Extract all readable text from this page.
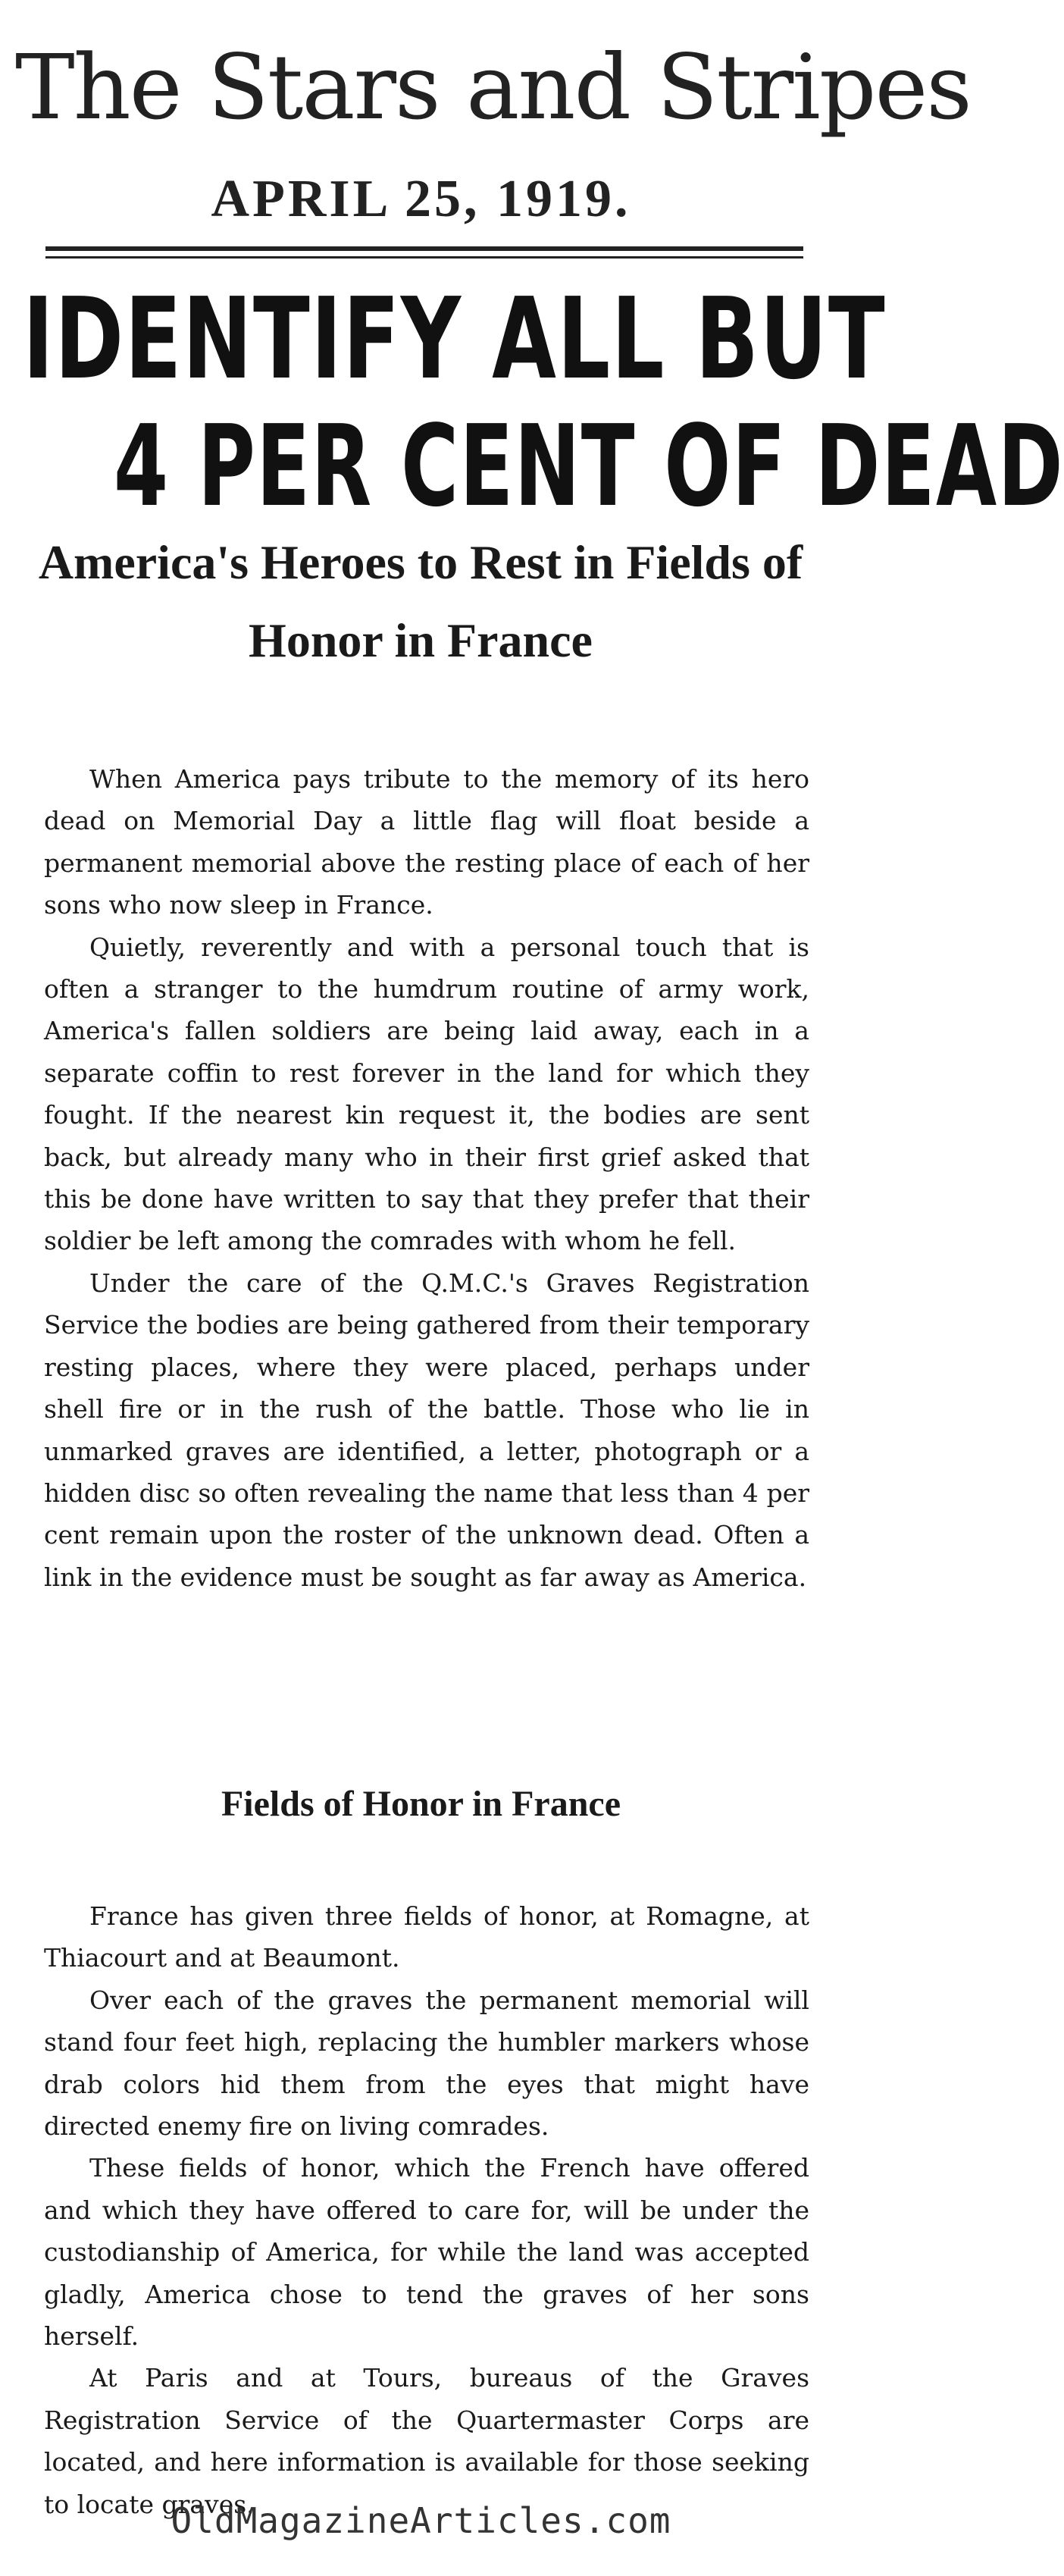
The Stars and Stripes
APRIL 25, 1919.
IDENTIFY ALL BUT
4 PER CENT OF DEAD
America's Heroes to Rest in Fields of Honor in France

When America pays tribute to the memory of its hero dead on Memorial Day a little flag will float beside a permanent memorial above the resting place of each of her sons who now sleep in France.

Quietly, reverently and with a personal touch that is often a stranger to the humdrum routine of army work, America's fallen soldiers are being laid away, each in a separate coffin to rest forever in the land for which they fought. If the nearest kin request it, the bodies are sent back, but already many who in their first grief asked that this be done have written to say that they prefer that their soldier be left among the comrades with whom he fell.

Under the care of the Q.M.C.'s Graves Registration Service the bodies are being gathered from their temporary resting places, where they were placed, perhaps under shell fire or in the rush of the battle. Those who lie in unmarked graves are identified, a letter, photograph or a hidden disc so often revealing the name that less than 4 per cent remain upon the roster of the unknown dead. Often a link in the evidence must be sought as far away as America.

Fields of Honor in France

France has given three fields of honor, at Romagne, at Thiacourt and at Beaumont.

Over each of the graves the permanent memorial will stand four feet high, replacing the humbler markers whose drab colors hid them from the eyes that might have directed enemy fire on living comrades.

These fields of honor, which the French have offered and which they have offered to care for, will be under the custodianship of America, for while the land was accepted gladly, America chose to tend the graves of her sons herself.

At Paris and at Tours, bureaus of the Graves Registration Service of the Quartermaster Corps are located, and here information is available for those seeking to locate graves.

OldMagazineArticles.com
